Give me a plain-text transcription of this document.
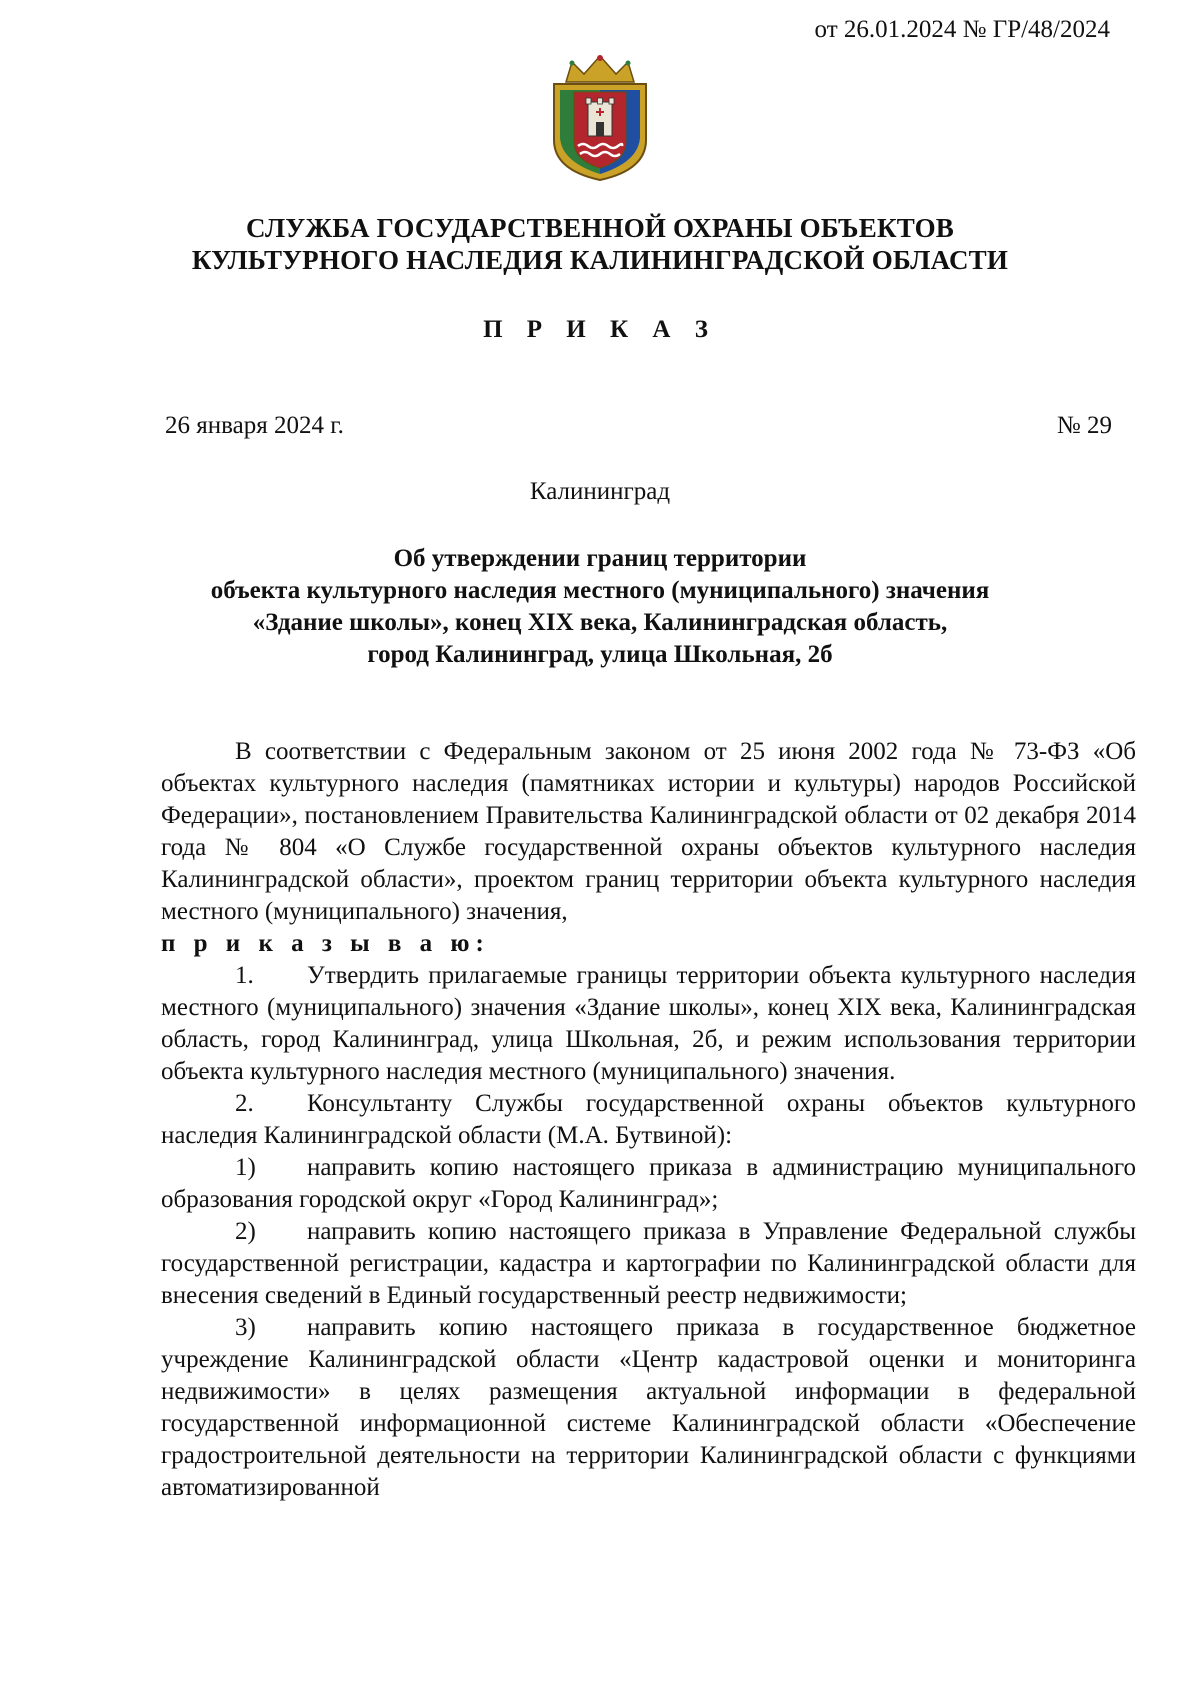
от 26.01.2024 № ГР/48/2024
СЛУЖБА ГОСУДАРСТВЕННОЙ ОХРАНЫ ОБЪЕКТОВ
КУЛЬТУРНОГО НАСЛЕДИЯ КАЛИНИНГРАДСКОЙ ОБЛАСТИ
П Р И К А З
26 января 2024 г.	№ 29
Калининград
Об утверждении границ территории
объекта культурного наследия местного (муниципального) значения
«Здание школы», конец XIX века, Калининградская область,
город Калининград, улица Школьная, 2б

В соответствии с Федеральным законом от 25 июня 2002 года № 73-ФЗ «Об объектах культурного наследия (памятниках истории и культуры) народов Российской Федерации», постановлением Правительства Калининградской области от 02 декабря 2014 года № 804 «О Службе государственной охраны объектов культурного наследия Калининградской области», проектом границ территории объекта культурного наследия местного (муниципального) значения,

п р и к а з ы в а ю:

1. Утвердить прилагаемые границы территории объекта культурного наследия местного (муниципального) значения «Здание школы», конец XIX века, Калининградская область, город Калининград, улица Школьная, 2б, и режим использования территории объекта культурного наследия местного (муниципального) значения.

2. Консультанту Службы государственной охраны объектов культурного наследия Калининградской области (М.А. Бутвиной):

1) направить копию настоящего приказа в администрацию муниципального образования городской округ «Город Калининград»;

2) направить копию настоящего приказа в Управление Федеральной службы государственной регистрации, кадастра и картографии по Калининградской области для внесения сведений в Единый государственный реестр недвижимости;

3) направить копию настоящего приказа в государственное бюджетное учреждение Калининградской области «Центр кадастровой оценки и мониторинга недвижимости» в целях размещения актуальной информации в федеральной государственной информационной системе Калининградской области «Обеспечение градостроительной деятельности на территории Калининградской области с функциями автоматизированной
